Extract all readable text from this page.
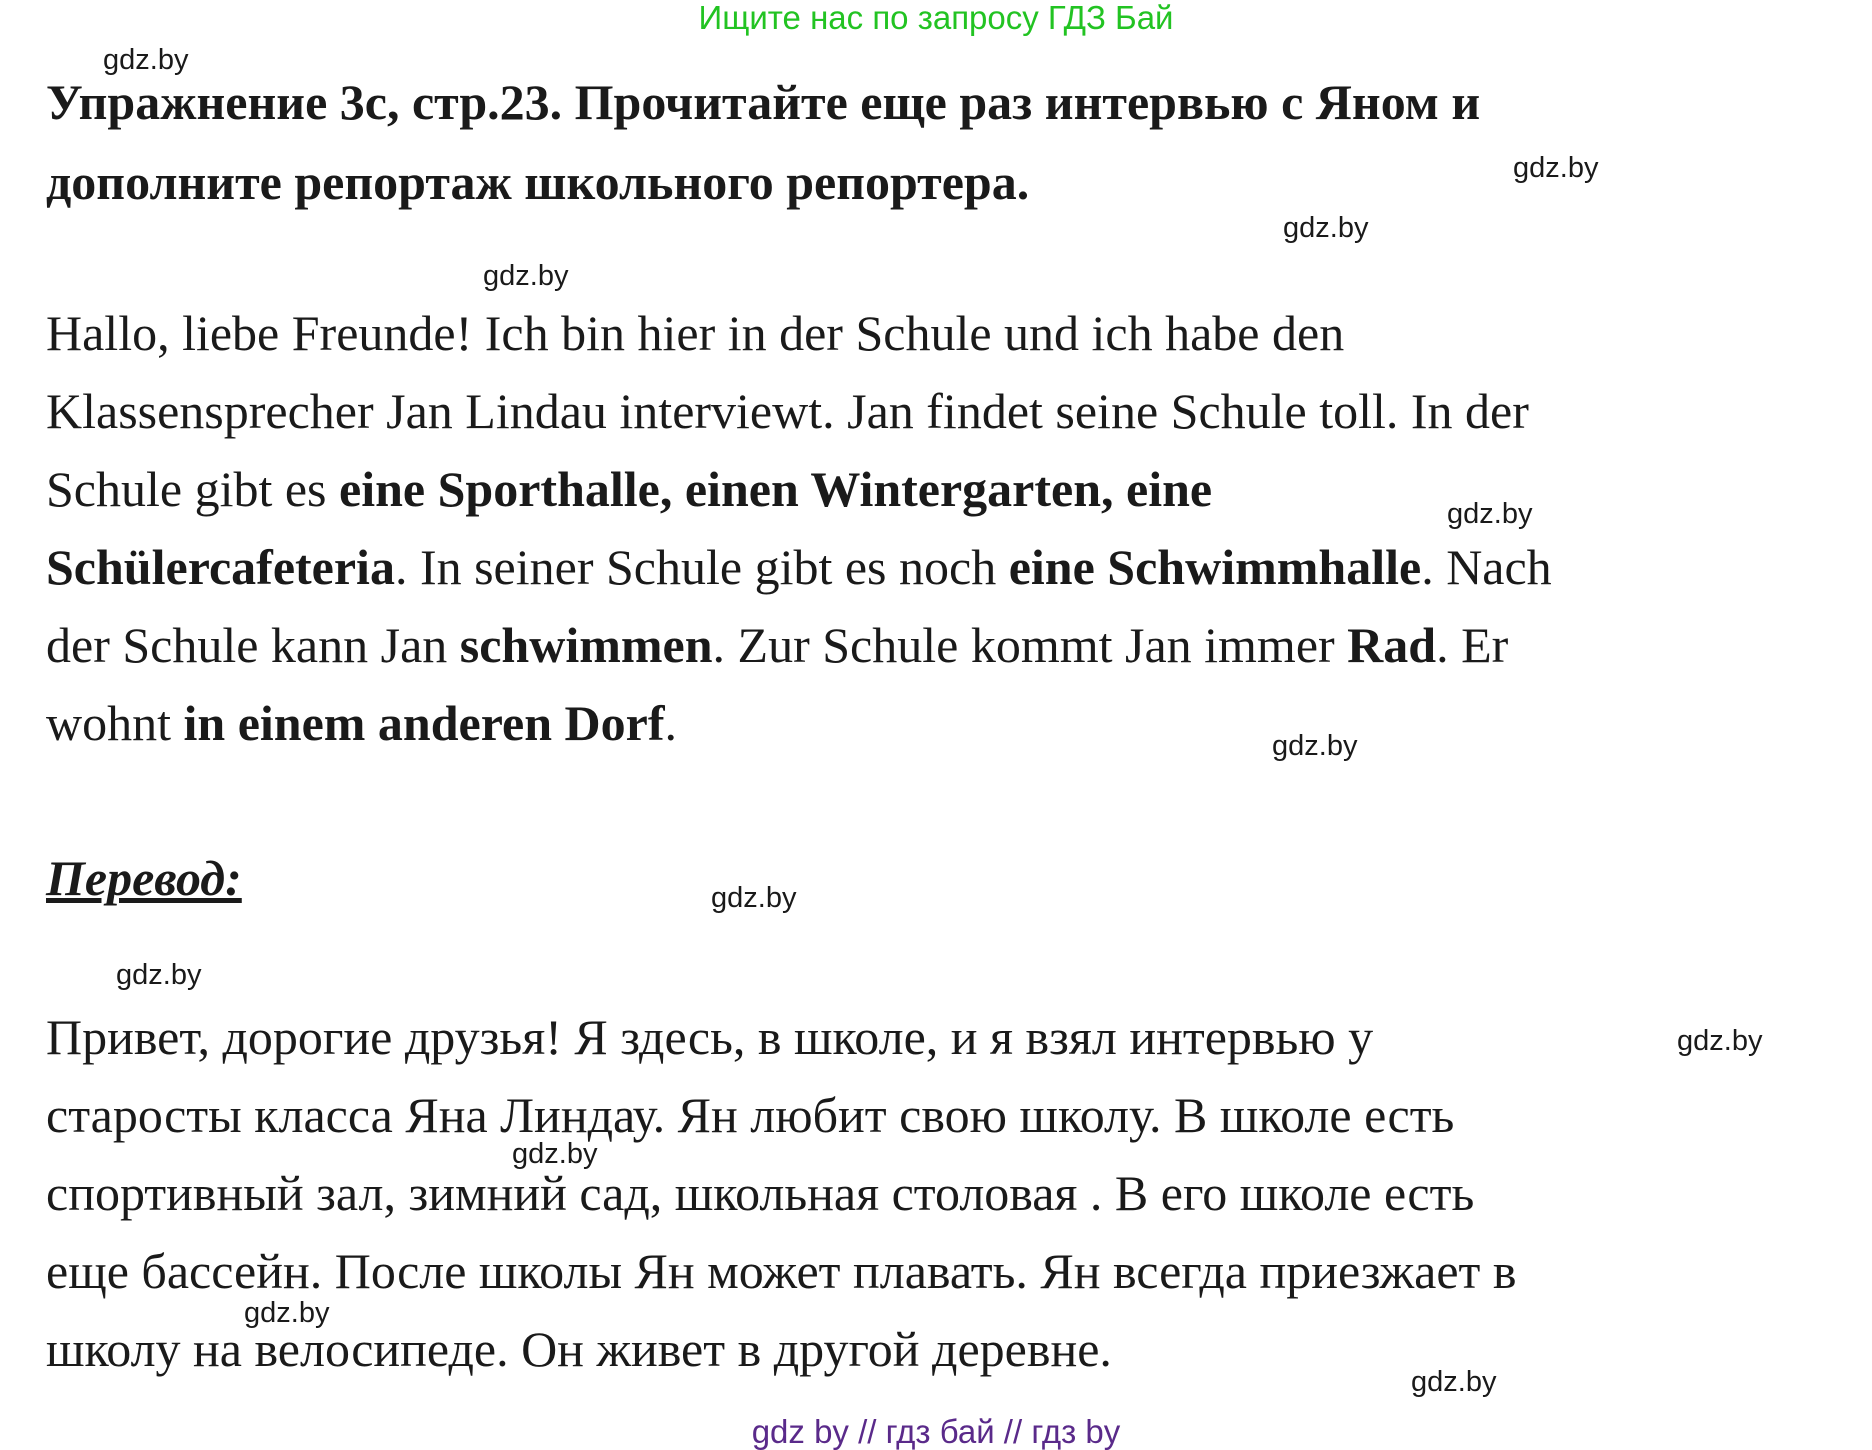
Ищите нас по запросу ГДЗ Бай
Упражнение 3с, стр.23. Прочитайте еще раз интервью с Яном и
дополните репортаж школьного репортера.
Hallo, liebe Freunde! Ich bin hier in der Schule und ich habe den
Klassensprecher Jan Lindau interviewt. Jan findet seine Schule toll. In der
Schule gibt es eine Sporthalle, einen Wintergarten, eine
Schülercafeteria. In seiner Schule gibt es noch eine Schwimmhalle. Nach
der Schule kann Jan schwimmen. Zur Schule kommt Jan immer Rad. Er
wohnt in einem anderen Dorf.
Перевод:
Привет, дорогие друзья! Я здесь, в школе, и я взял интервью у
старосты класса Яна Линдау. Ян любит свою школу. В школе есть
спортивный зал, зимний сад, школьная столовая . В его школе есть
еще бассейн. После школы Ян может плавать. Ян всегда приезжает в
школу на велосипеде. Он живет в другой деревне.
gdz.by
gdz.by
gdz.by
gdz.by
gdz.by
gdz.by
gdz.by
gdz.by
gdz.by
gdz.by
gdz.by
gdz.by
gdz by // гдз бай // гдз by
